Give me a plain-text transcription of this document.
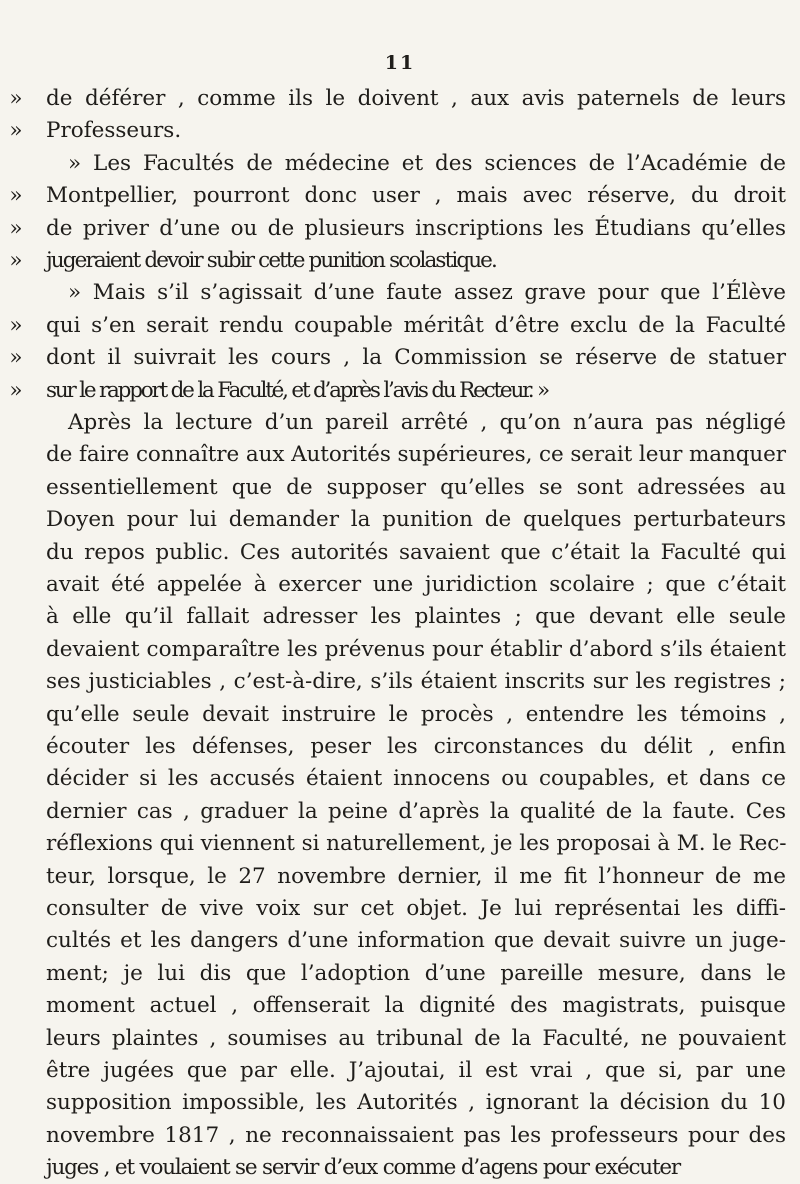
11
»	de déférer , comme ils le doivent , aux avis paternels de leurs
»	Professeurs.
» Les Facultés de médecine et des sciences de l’Académie de
»	Montpellier, pourront donc user , mais avec réserve, du droit
»	de priver d’une ou de plusieurs inscriptions les Étudians qu’elles
»	jugeraient devoir subir cette punition scolastique.
» Mais s’il s’agissait d’une faute assez grave pour que l’Élève
»	qui s’en serait rendu coupable méritât d’être exclu de la Faculté
»	dont il suivrait les cours , la Commission se réserve de statuer
»	sur le rapport de la Faculté, et d’après l’avis du Recteur. »
Après la lecture d’un pareil arrêté , qu’on n’aura pas négligé
de faire connaître aux Autorités supérieures, ce serait leur manquer
essentiellement que de supposer qu’elles se sont adressées au
Doyen pour lui demander la punition de quelques perturbateurs
du repos public. Ces autorités savaient que c’était la Faculté qui
avait été appelée à exercer une juridiction scolaire ; que c’était
à elle qu’il fallait adresser les plaintes ; que devant elle seule
devaient comparaître les prévenus pour établir d’abord s’ils étaient
ses justiciables , c’est-à-dire, s’ils étaient inscrits sur les registres ;
qu’elle seule devait instruire le procès , entendre les témoins ,
écouter les défenses, peser les circonstances du délit , enfin
décider si les accusés étaient innocens ou coupables, et dans ce
dernier cas , graduer la peine d’après la qualité de la faute. Ces
réflexions qui viennent si naturellement, je les proposai à M. le Rec-
teur, lorsque, le 27 novembre dernier, il me fit l’honneur de me
consulter de vive voix sur cet objet. Je lui représentai les diffi-
cultés et les dangers d’une information que devait suivre un juge-
ment; je lui dis que l’adoption d’une pareille mesure, dans le
moment actuel , offenserait la dignité des magistrats, puisque
leurs plaintes , soumises au tribunal de la Faculté, ne pouvaient
être jugées que par elle. J’ajoutai, il est vrai , que si, par une
supposition impossible, les Autorités , ignorant la décision du 10
novembre 1817 , ne reconnaissaient pas les professeurs pour des
juges , et voulaient se servir d’eux comme d’agens pour exécuter
